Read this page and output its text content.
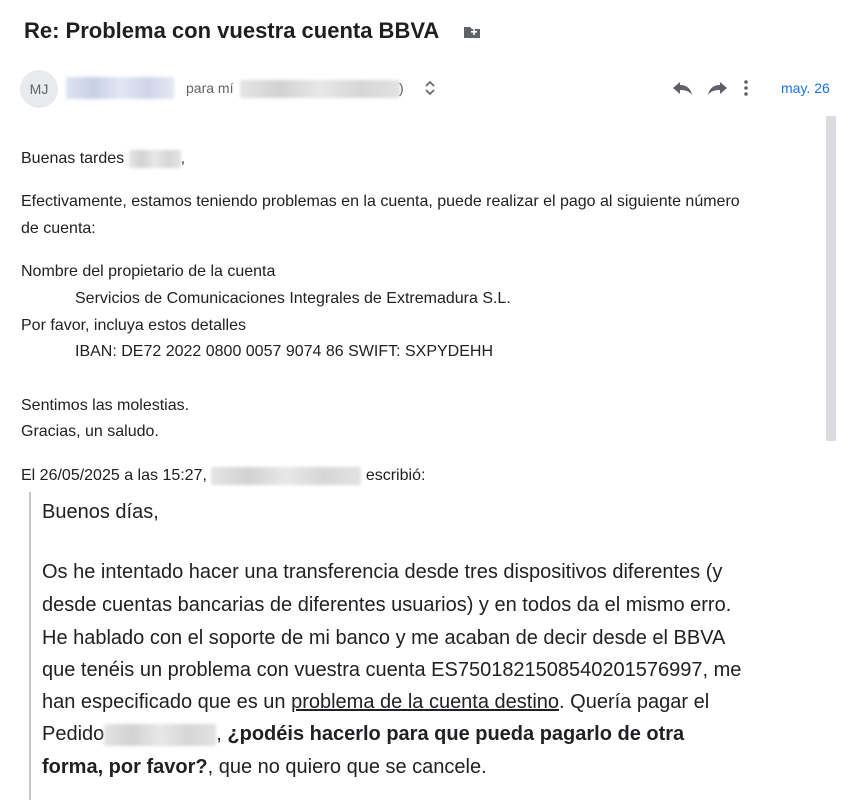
Re: Problema con vuestra cuenta BBVA
MJ	para mí	)	may. 26
Buenas tardes	,
Efectivamente, estamos teniendo problemas en la cuenta, puede realizar el pago al siguiente número
de cuenta:
Nombre del propietario de la cuenta
Servicios de Comunicaciones Integrales de Extremadura S.L.
Por favor, incluya estos detalles
IBAN: DE72 2022 0800 0057 9074 86 SWIFT: SXPYDEHH
Sentimos las molestias.
Gracias, un saludo.
El 26/05/2025 a las 15:27,	escribió:
Buenos días,
Os he intentado hacer una transferencia desde tres dispositivos diferentes (y
desde cuentas bancarias de diferentes usuarios) y en todos da el mismo erro.
He hablado con el soporte de mi banco y me acaban de decir desde el BBVA
que tenéis un problema con vuestra cuenta ES7501821508540201576997, me
han especificado que es un problema de la cuenta destino. Quería pagar el
Pedido	, ¿podéis hacerlo para que pueda pagarlo de otra
forma, por favor?, que no quiero que se cancele.
